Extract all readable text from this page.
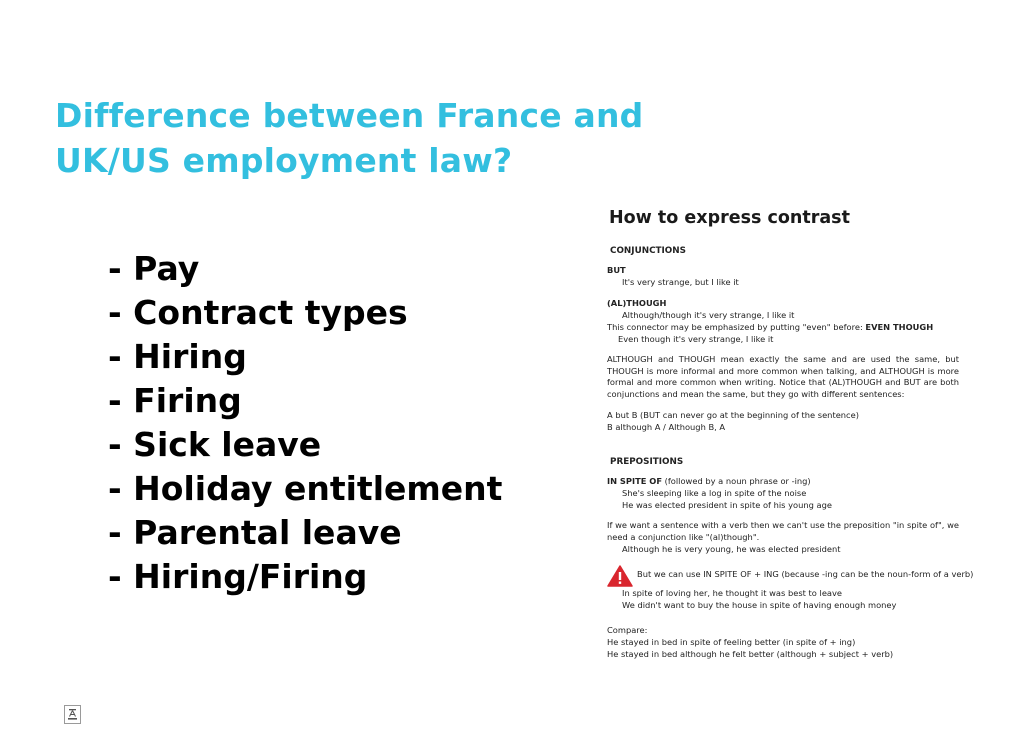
Difference between France and
UK/US employment law?
- Pay
- Contract types
- Hiring
- Firing
- Sick leave
- Holiday entitlement
- Parental leave
- Hiring/Firing
How to express contrast
CONJUNCTIONS
BUT
It's very strange, but I like it
(AL)THOUGH
Although/though it's very strange, I like it
This connector may be emphasized by putting "even" before: EVEN THOUGH
Even though it's very strange, I like it
ALTHOUGH and THOUGH mean exactly the same and are used the same, but THOUGH is more informal and more common when talking, and ALTHOUGH is more formal and more common when writing. Notice that (AL)THOUGH and BUT are both conjunctions and mean the same, but they go with different sentences:
A but B (BUT can never go at the beginning of the sentence)
B although A / Although B, A
PREPOSITIONS
IN SPITE OF (followed by a noun phrase or -ing)
She's sleeping like a log in spite of the noise
He was elected president in spite of his young age
If we want a sentence with a verb then we can't use the preposition "in spite of", we need a conjunction like "(al)though".
Although he is very young, he was elected president
But we can use IN SPITE OF + ING (because -ing can be the noun-form of a verb)
In spite of loving her, he thought it was best to leave
We didn't want to buy the house in spite of having enough money
Compare:
He stayed in bed in spite of feeling better (in spite of + ing)
He stayed in bed although he felt better (although + subject + verb)
